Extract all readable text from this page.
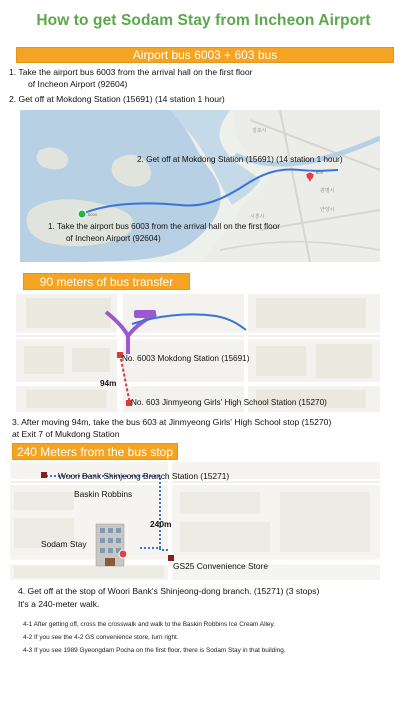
How to get Sodam Stay from Incheon Airport
Airport bus 6003 + 603 bus
1. Take the airport bus 6003 from the arrival hall on the first floor
of Incheon Airport (92604)
2. Get off at Mokdong Station (15691) (14 station 1 hour)
김포시
광명시
안양시
시흥시
603
6003
2. Get off at Mokdong Station (15691) (14 station 1 hour)
1. Take the airport bus 6003 from the arrival hall on the first floor
of Incheon Airport (92604)
90 meters of bus transfer
No. 6003 Mokdong Station (15691)
94m
No. 603 Jinmyeong Girls' High School Station (15270)
3. After moving 94m, take the bus 603 at Jinmyeong Girls' High School stop (15270)
at Exit 7 of Mukdong Station
240 Meters from the bus stop
Woori Bank Shinjeong Branch Station (15271)
Baskin Robbins
240m
Sodam Stay
GS25 Convenience Store
4. Get off at the stop of Woori Bank's Shinjeong-dong branch. (15271) (3 stops)
It's a 240-meter walk.
4-1 After getting off, cross the crosswalk and walk to the Baskin Robbins Ice Cream Alley.
4-2 If you see the 4-2 GS convenience store, turn right.
4-3 If you see 1989 Gyeongdam Pocha on the first floor, there is Sodam Stay in that building.
